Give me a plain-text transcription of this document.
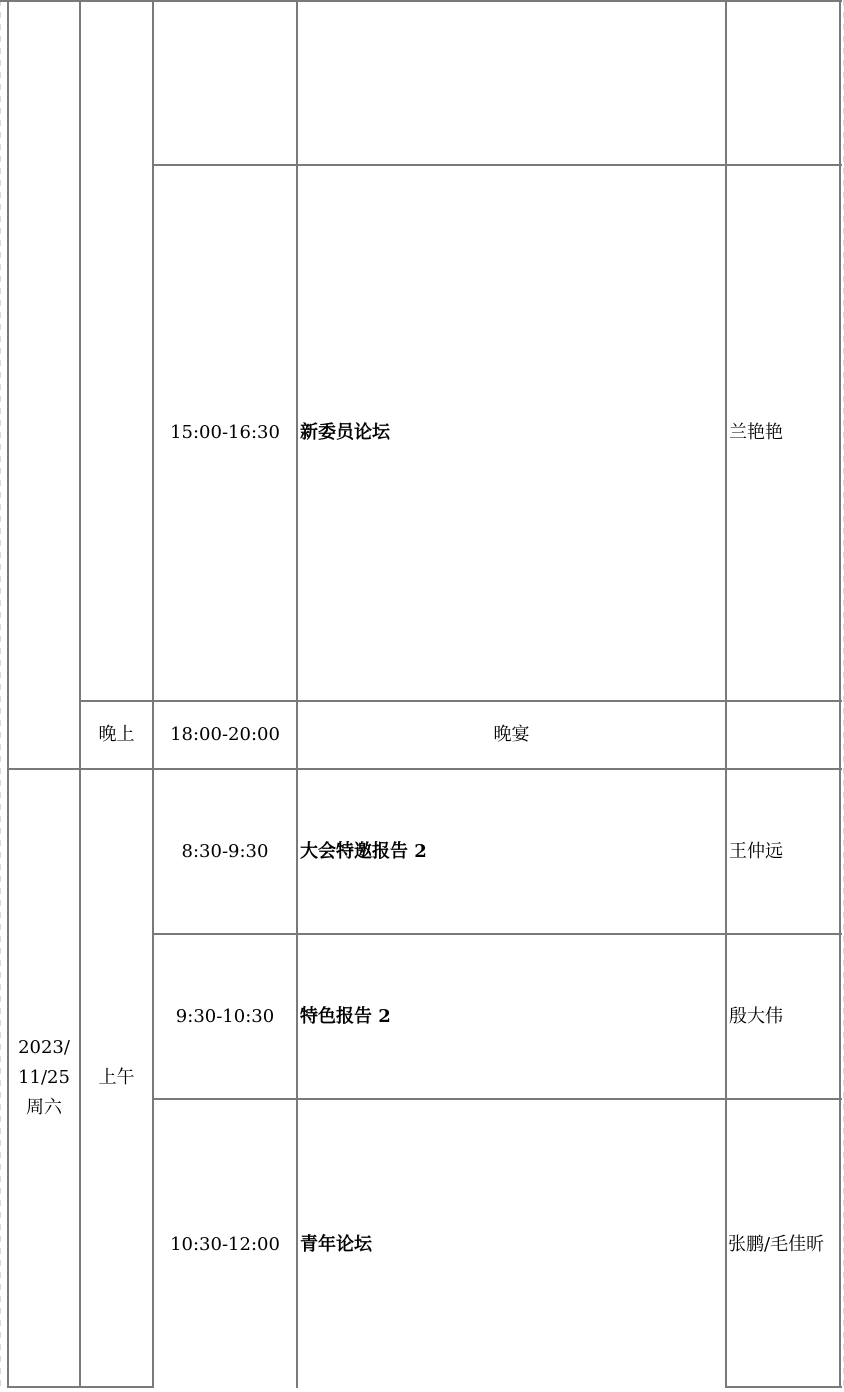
15:00-16:30	新委员论坛	兰艳艳
晚上	18:00-20:00	晚宴
2023/11/25 周六
上午
8:30-9:30	大会特邀报告 2	王仲远
9:30-10:30	特色报告 2	殷大伟
10:30-12:00	青年论坛	张鹏/毛佳昕
